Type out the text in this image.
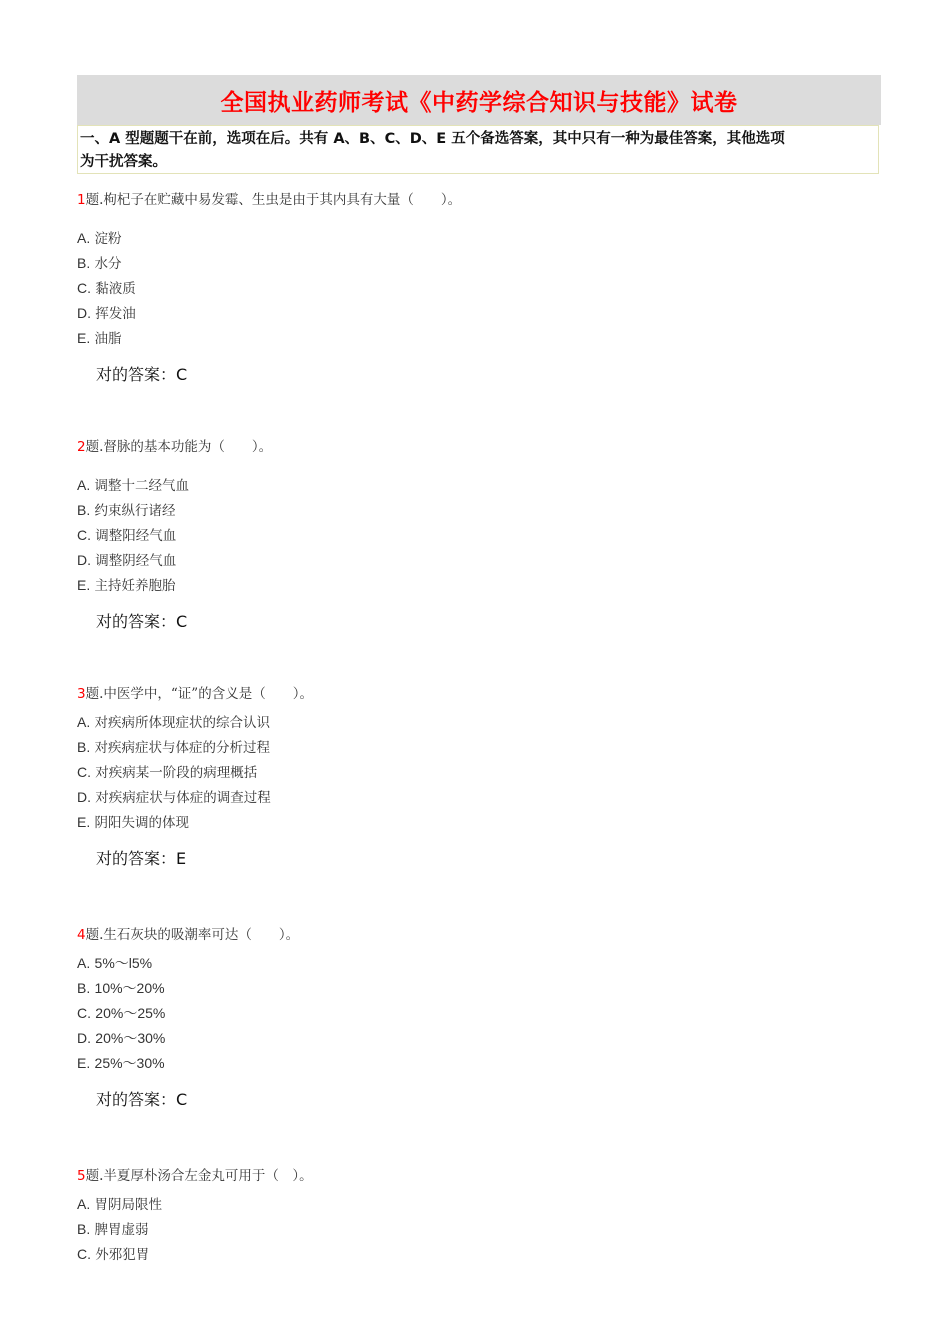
全国执业药师考试《中药学综合知识与技能》试卷
一、A 型题题干在前，选项在后。共有 A、B、C、D、E 五个备选答案，其中只有一种为最佳答案，其他选项
为干扰答案。
1题.枸杞子在贮藏中易发霉、生虫是由于其内具有大量（　　）。
A. 淀粉
B. 水分
C. 黏液质
D. 挥发油
E. 油脂
对的答案：C
2题.督脉的基本功能为（　　）。
A. 调整十二经气血
B. 约束纵行诸经
C. 调整阳经气血
D. 调整阴经气血
E. 主持妊养胞胎
对的答案：C
3题.中医学中，“证”的含义是（　　）。
A. 对疾病所体现症状的综合认识
B. 对疾病症状与体症的分析过程
C. 对疾病某一阶段的病理概括
D. 对疾病症状与体症的调查过程
E. 阴阳失调的体现
对的答案：E
4题.生石灰块的吸潮率可达（　　）。
A. 5%～l5%
B. 10%～20%
C. 20%～25%
D. 20%～30%
E. 25%～30%
对的答案：C
5题.半夏厚朴汤合左金丸可用于（　）。
A. 胃阴局限性
B. 脾胃虚弱
C. 外邪犯胃
